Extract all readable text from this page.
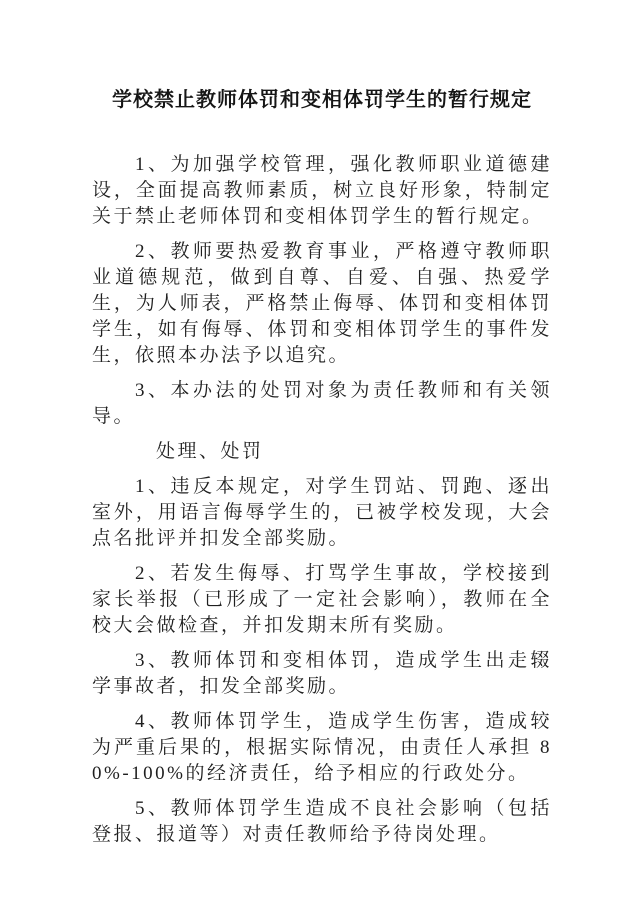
学校禁止教师体罚和变相体罚学生的暂行规定

1、为加强学校管理，强化教师职业道德建设，全面提高教师素质，树立良好形象，特制定关于禁止老师体罚和变相体罚学生的暂行规定。

2、教师要热爱教育事业，严格遵守教师职业道德规范，做到自尊、自爱、自强、热爱学生，为人师表，严格禁止侮辱、体罚和变相体罚学生，如有侮辱、体罚和变相体罚学生的事件发生，依照本办法予以追究。

3、本办法的处罚对象为责任教师和有关领导。

处理、处罚

1、违反本规定，对学生罚站、罚跑、逐出室外，用语言侮辱学生的，已被学校发现，大会点名批评并扣发全部奖励。

2、若发生侮辱、打骂学生事故，学校接到家长举报（已形成了一定社会影响），教师在全校大会做检查，并扣发期末所有奖励。

3、教师体罚和变相体罚，造成学生出走辍学事故者，扣发全部奖励。

4、教师体罚学生，造成学生伤害，造成较为严重后果的，根据实际情况，由责任人承担 80%-100%的经济责任，给予相应的行政处分。

5、教师体罚学生造成不良社会影响（包括登报、报道等）对责任教师给予待岗处理。
